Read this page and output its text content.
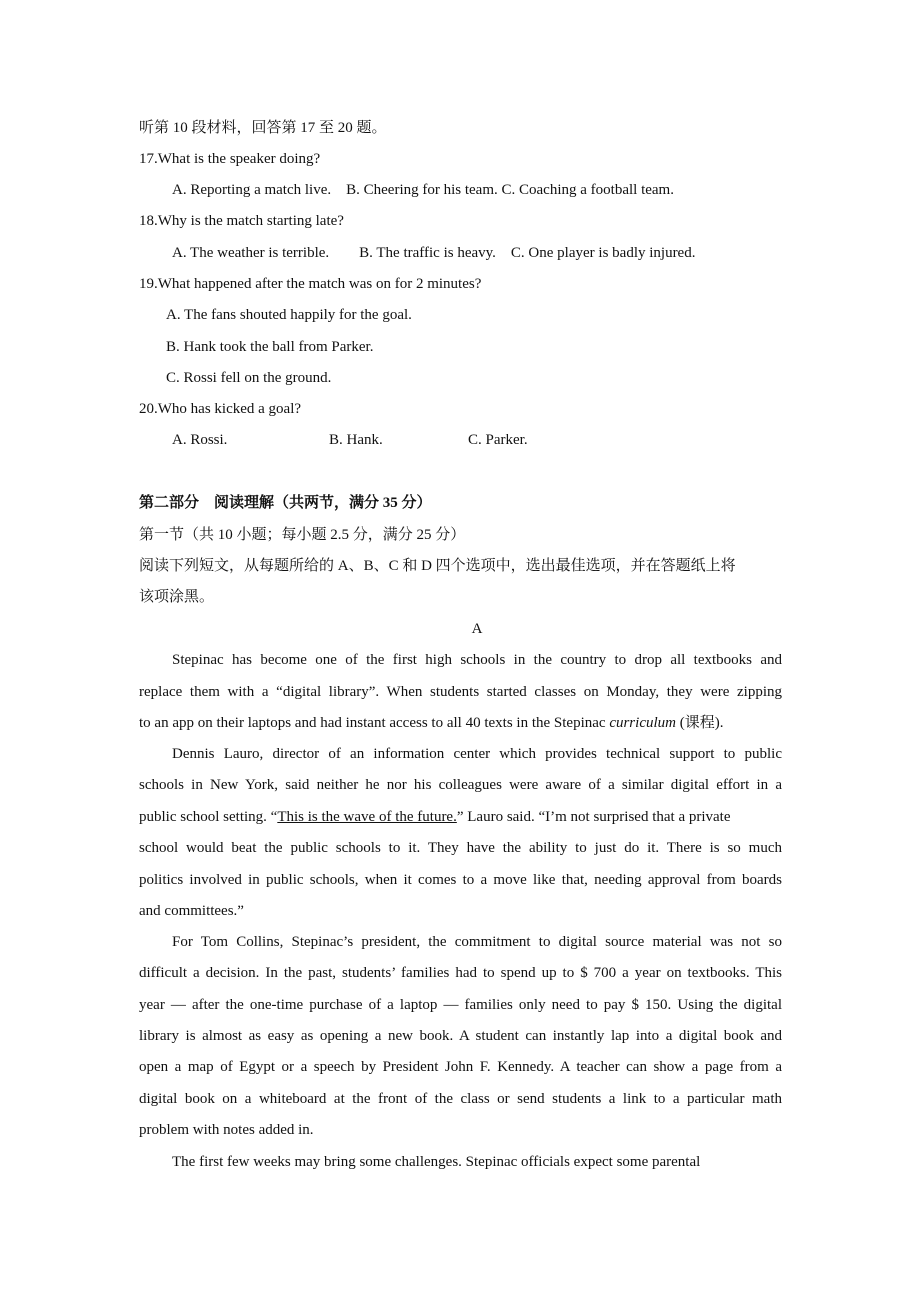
听第 10 段材料，回答第 17 至 20 题。
17.What is the speaker doing?
A. Reporting a match live.    B. Cheering for his team. C. Coaching a football team.
18.Why is the match starting late?
A. The weather is terrible.        B. The traffic is heavy.    C. One player is badly injured.
19.What happened after the match was on for 2 minutes?
A. The fans shouted happily for the goal.
B. Hank took the ball from Parker.
C. Rossi fell on the ground.
20.Who has kicked a goal?
A. Rossi.	B. Hank.	C. Parker.
第二部分　阅读理解（共两节，满分 35 分）
第一节（共 10 小题；每小题 2.5 分，满分 25 分）
阅读下列短文，从每题所给的 A、B、C 和 D 四个选项中，选出最佳选项，并在答题纸上将
该项涂黑。
A
Stepinac has become one of the first high schools in the country to drop all textbooks and
replace them with a “digital library”. When students started classes on Monday, they were zipping
to an app on their laptops and had instant access to all 40 texts in the Stepinac curriculum (课程).
Dennis Lauro, director of an information center which provides technical support to public
schools in New York, said neither he nor his colleagues were aware of a similar digital effort in a
public school setting. “This is the wave of the future.” Lauro said. “I’m not surprised that a private
school would beat the public schools to it. They have the ability to just do it. There is so much
politics involved in public schools, when it comes to a move like that, needing approval from boards
and committees.”
For Tom Collins, Stepinac’s president, the commitment to digital source material was not so
difficult a decision. In the past, students’ families had to spend up to $ 700 a year on textbooks. This
year — after the one-time purchase of a laptop — families only need to pay $ 150. Using the digital
library is almost as easy as opening a new book. A student can instantly lap into a digital book and
open a map of Egypt or a speech by President John F. Kennedy. A teacher can show a page from a
digital book on a whiteboard at the front of the class or send students a link to a particular math
problem with notes added in.
The first few weeks may bring some challenges. Stepinac officials expect some parental
